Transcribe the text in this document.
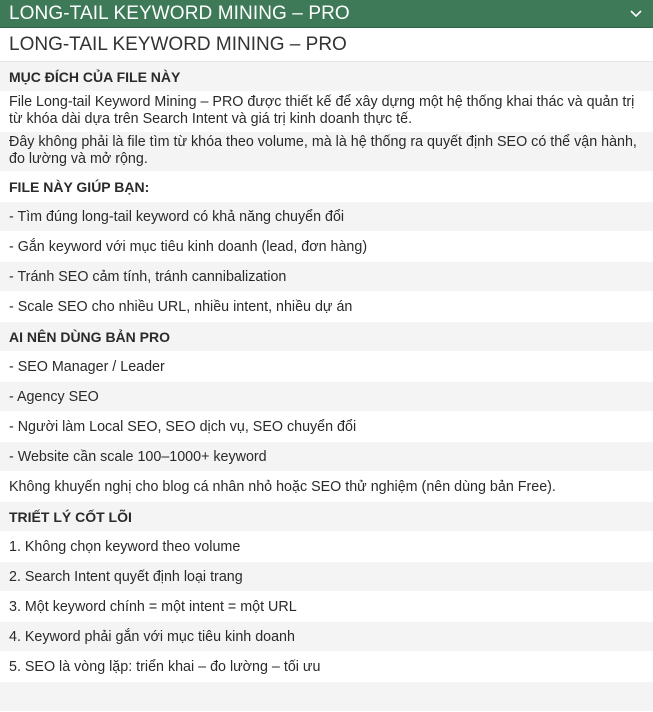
LONG-TAIL KEYWORD MINING – PRO
LONG-TAIL KEYWORD MINING – PRO
MỤC ĐÍCH CỦA FILE NÀY
File Long-tail Keyword Mining – PRO được thiết kế để xây dựng một hệ thống khai thác và quản trị từ khóa dài dựa trên Search Intent và giá trị kinh doanh thực tế.
Đây không phải là file tìm từ khóa theo volume, mà là hệ thống ra quyết định SEO có thể vận hành, đo lường và mở rộng.
FILE NÀY GIÚP BẠN:
- Tìm đúng long-tail keyword có khả năng chuyển đổi
- Gắn keyword với mục tiêu kinh doanh (lead, đơn hàng)
- Tránh SEO cảm tính, tránh cannibalization
- Scale SEO cho nhiều URL, nhiều intent, nhiều dự án
AI NÊN DÙNG BẢN PRO
- SEO Manager / Leader
- Agency SEO
- Người làm Local SEO, SEO dịch vụ, SEO chuyển đổi
- Website cần scale 100–1000+ keyword
Không khuyến nghị cho blog cá nhân nhỏ hoặc SEO thử nghiệm (nên dùng bản Free).
TRIẾT LÝ CỐT LÕI
1. Không chọn keyword theo volume
2. Search Intent quyết định loại trang
3. Một keyword chính = một intent = một URL
4. Keyword phải gắn với mục tiêu kinh doanh
5. SEO là vòng lặp: triển khai – đo lường – tối ưu
